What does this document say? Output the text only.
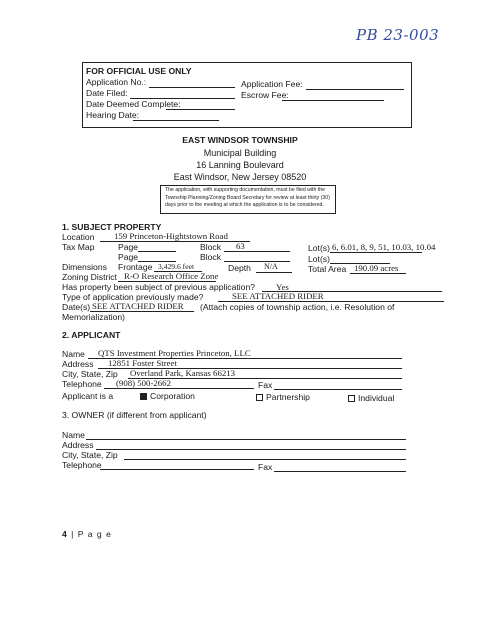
PB 23-003
FOR OFFICIAL USE ONLY
Application No.:
Date Filed:
Date Deemed Complete:
Hearing Date:
Application Fee:
Escrow Fee:
EAST WINDSOR TOWNSHIP
Municipal Building
16 Lanning Boulevard
East Windsor, New Jersey 08520
The application, with supporting documentation, must be filed with the Township Planning/Zoning Board Secretary for review at least thirty (30) days prior to the meeting at which the application is to be considered.
1. SUBJECT PROPERTY
Location 159 Princeton-Hightstown Road
Tax Map	Page	Block 63	Lot(s) 6, 6.01, 8, 9, 51, 10.03, 10.04
Page	Block	Lot(s)
Dimensions Frontage 3,429.6 feet	Depth N/A	Total Area 190.09 acres
Zoning District R-O Research Office Zone
Has property been subject of previous application? Yes
Type of application previously made?	SEE ATTACHED RIDER
Date(s) SEE ATTACHED RIDER (Attach copies of township action, i.e. Resolution of
Memorialization)
2. APPLICANT
Name QTS Investment Properties Princeton, LLC
Address 12851 Foster Street
City, State, Zip Overland Park, Kansas 66213
Telephone (908) 500-2662	Fax
Applicant is a	Corporation	Partnership	Individual
3. OWNER (if different from applicant)
Name
Address
City, State, Zip
Telephone	Fax
4 | P a g e
